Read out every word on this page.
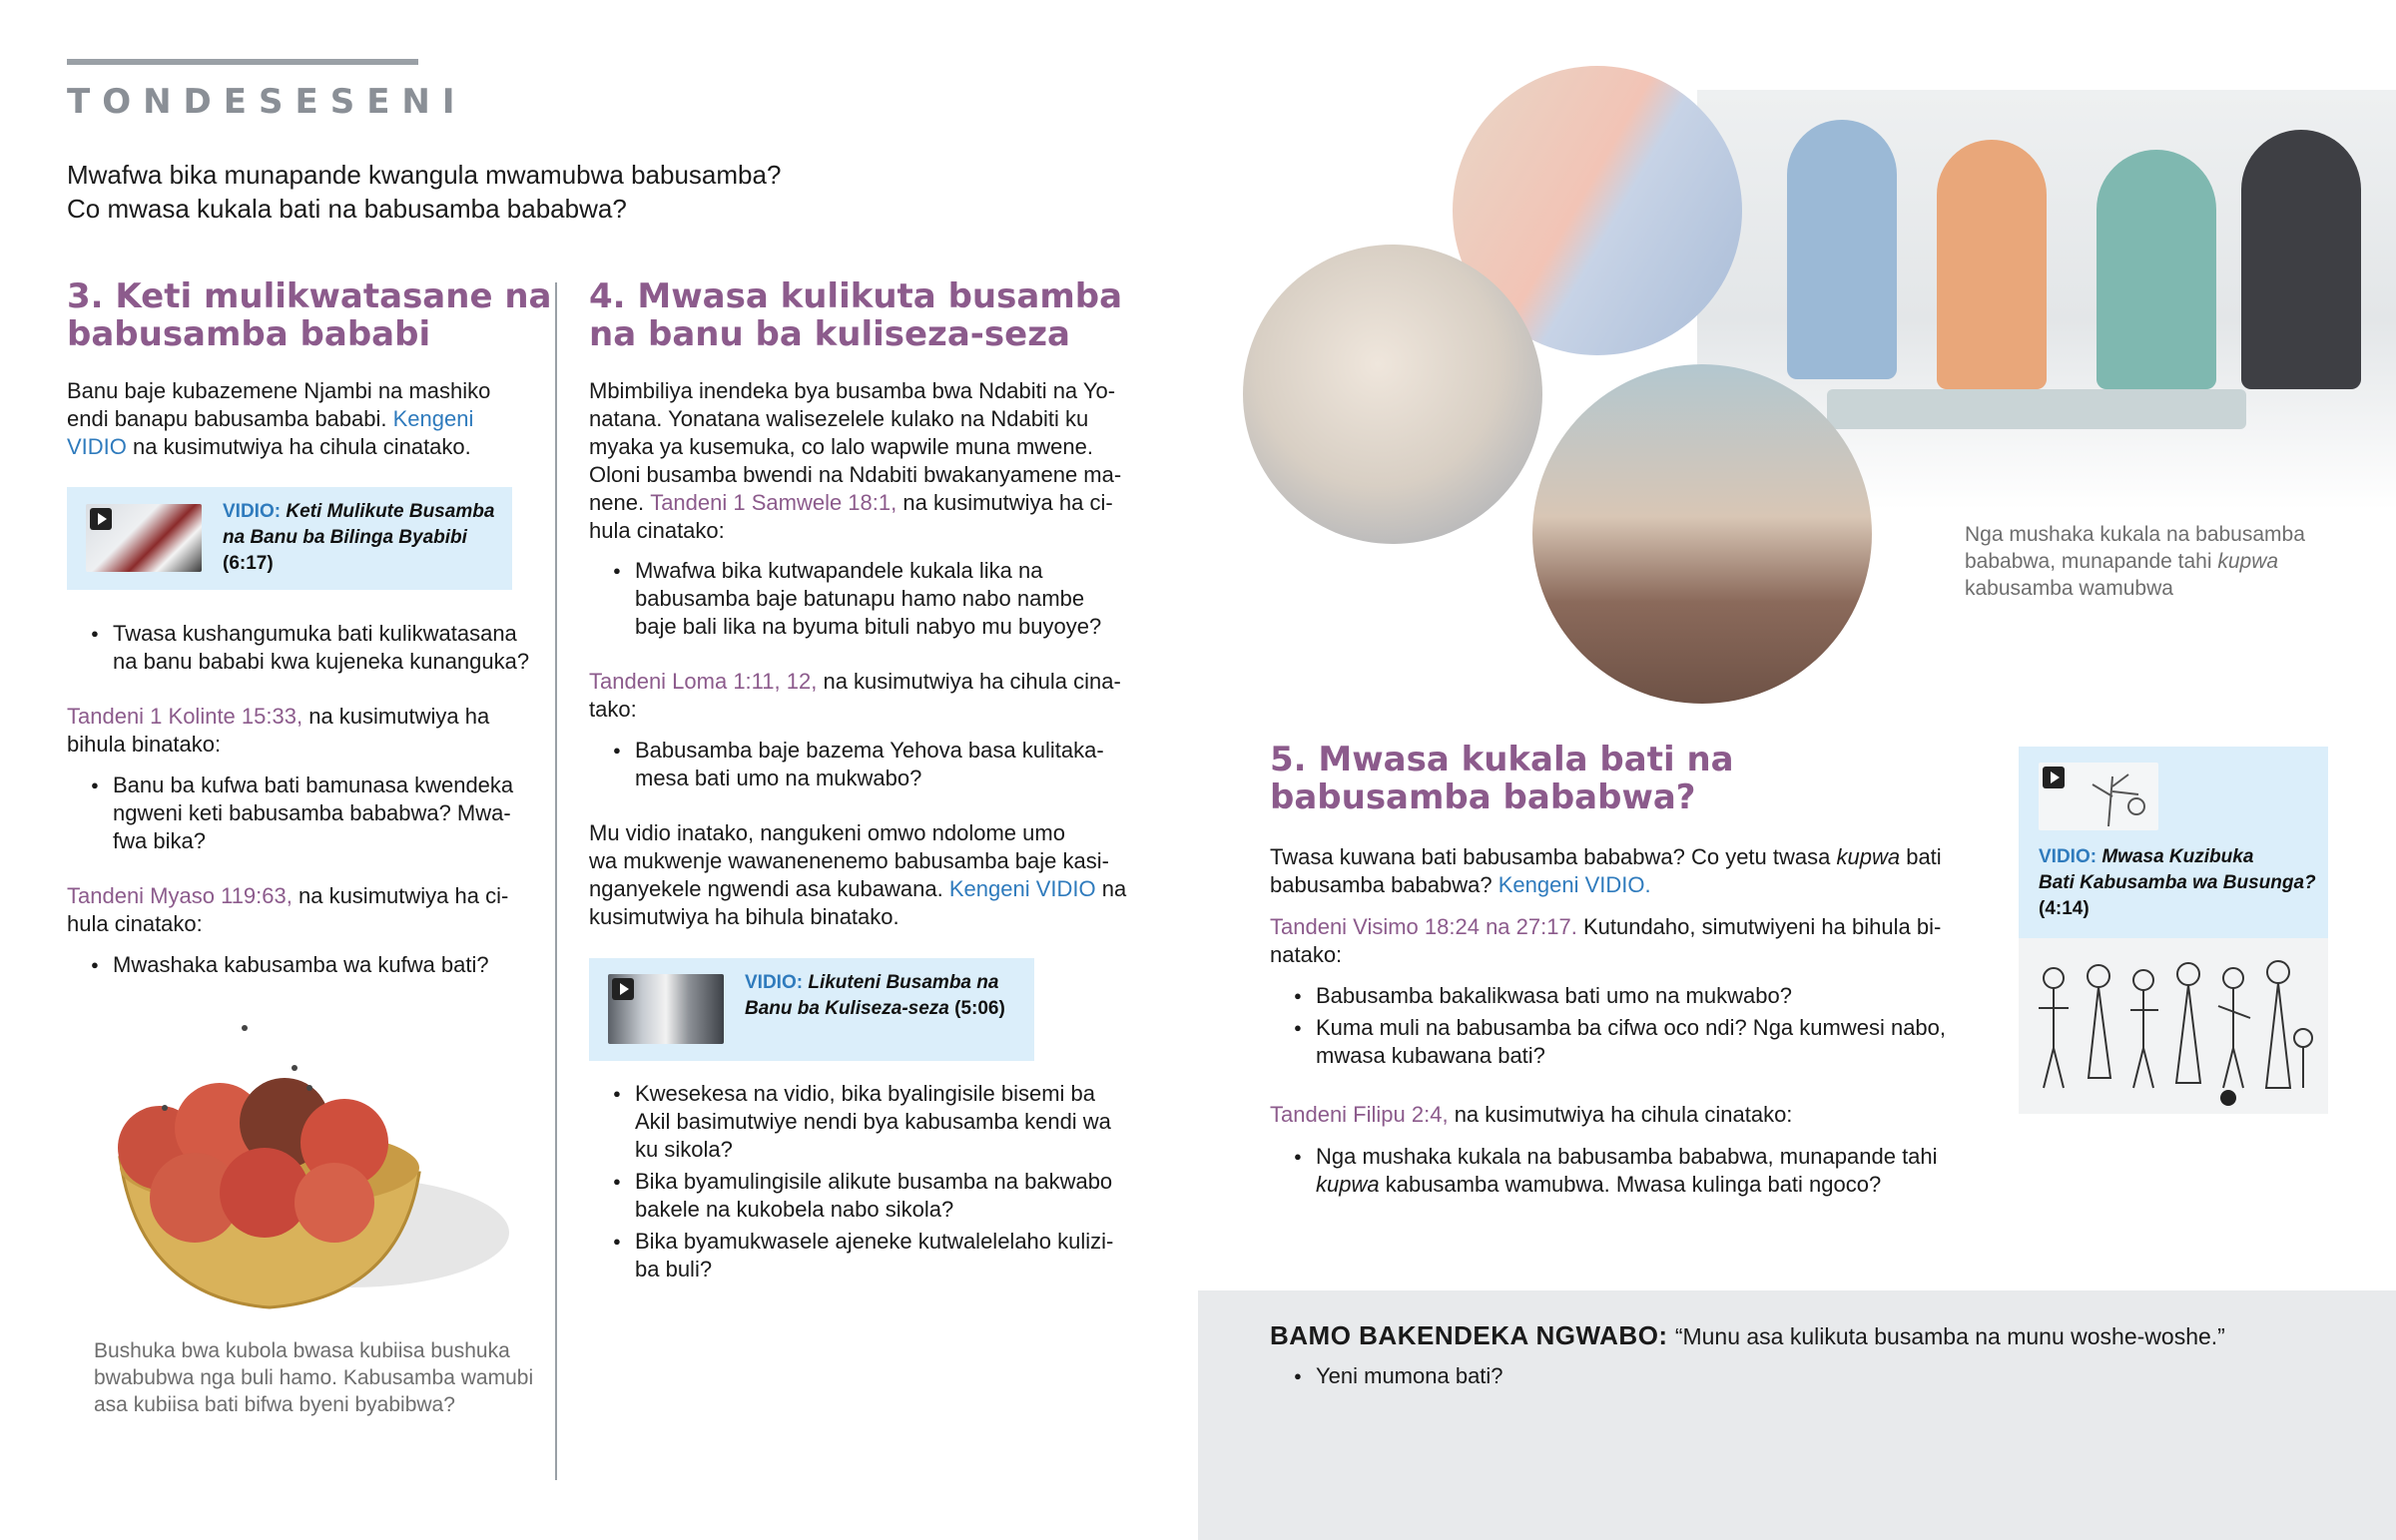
TONDESESENI
Mwafwa bika munapande kwangula mwamubwa babusamba?
Co mwasa kukala bati na babusamba bababwa?
3. Keti mulikwatasane na
babusamba bababi
Banu baje kubazemene Njambi na mashiko
endi banapu babusamba bababi. Kengeni
VIDIO na kusimutwiya ha cihula cinatako.
VIDIO: Keti Mulikute Busamba
na Banu ba Bilinga Byabibi
(6:17)
● Twasa kushangumuka bati kulikwatasana
na banu bababi kwa kujeneka kunanguka?
Tandeni 1 Kolinte 15:33, na kusimutwiya ha
bihula binatako:
● Banu ba kufwa bati bamunasa kwendeka
ngweni keti babusamba bababwa? Mwa-
fwa bika?
Tandeni Myaso 119:63, na kusimutwiya ha ci-
hula cinatako:
● Mwashaka kabusamba wa kufwa bati?
Bushuka bwa kubola bwasa kubiisa bushuka
bwabubwa nga buli hamo. Kabusamba wamubi
asa kubiisa bati bifwa byeni byabibwa?
4. Mwasa kulikuta busamba
na banu ba kuliseza-seza
Mbimbiliya inendeka bya busamba bwa Ndabiti na Yo-
natana. Yonatana walisezelele kulako na Ndabiti ku
myaka ya kusemuka, co lalo wapwile muna mwene.
Oloni busamba bwendi na Ndabiti bwakanyamene ma-
nene. Tandeni 1 Samwele 18:1, na kusimutwiya ha ci-
hula cinatako:
● Mwafwa bika kutwapandele kukala lika na
babusamba baje batunapu hamo nabo nambe
baje bali lika na byuma bituli nabyo mu buyoye?
Tandeni Loma 1:11, 12, na kusimutwiya ha cihula cina-
tako:
● Babusamba baje bazema Yehova basa kulitaka-
mesa bati umo na mukwabo?
Mu vidio inatako, nangukeni omwo ndolome umo
wa mukwenje wawanenenemo babusamba baje kasi-
nganyekele ngwendi asa kubawana. Kengeni VIDIO na
kusimutwiya ha bihula binatako.
VIDIO: Likuteni Busamba na
Banu ba Kuliseza-seza (5:06)
● Kwesekesa na vidio, bika byalingisile bisemi ba
Akil basimutwiye nendi bya kabusamba kendi wa
ku sikola?
● Bika byamulingisile alikute busamba na bakwabo
bakele na kukobela nabo sikola?
● Bika byamukwasele ajeneke kutwalelelaho kulizi-
ba buli?
Nga mushaka kukala na babusamba
bababwa, munapande tahi kupwa
kabusamba wamubwa
5. Mwasa kukala bati na
babusamba bababwa?
Twasa kuwana bati babusamba bababwa? Co yetu twasa kupwa bati
babusamba bababwa? Kengeni VIDIO.
Tandeni Visimo 18:24 na 27:17. Kutundaho, simutwiyeni ha bihula bi-
natako:
● Babusamba bakalikwasa bati umo na mukwabo?
● Kuma muli na babusamba ba cifwa oco ndi? Nga kumwesi nabo,
mwasa kubawana bati?
Tandeni Filipu 2:4, na kusimutwiya ha cihula cinatako:
● Nga mushaka kukala na babusamba bababwa, munapande tahi
kupwa kabusamba wamubwa. Mwasa kulinga bati ngoco?
VIDIO: Mwasa Kuzibuka
Bati Kabusamba wa Busunga?
(4:14)
BAMO BAKENDEKA NGWABO: “Munu asa kulikuta busamba na munu woshe-woshe.”
● Yeni mumona bati?
